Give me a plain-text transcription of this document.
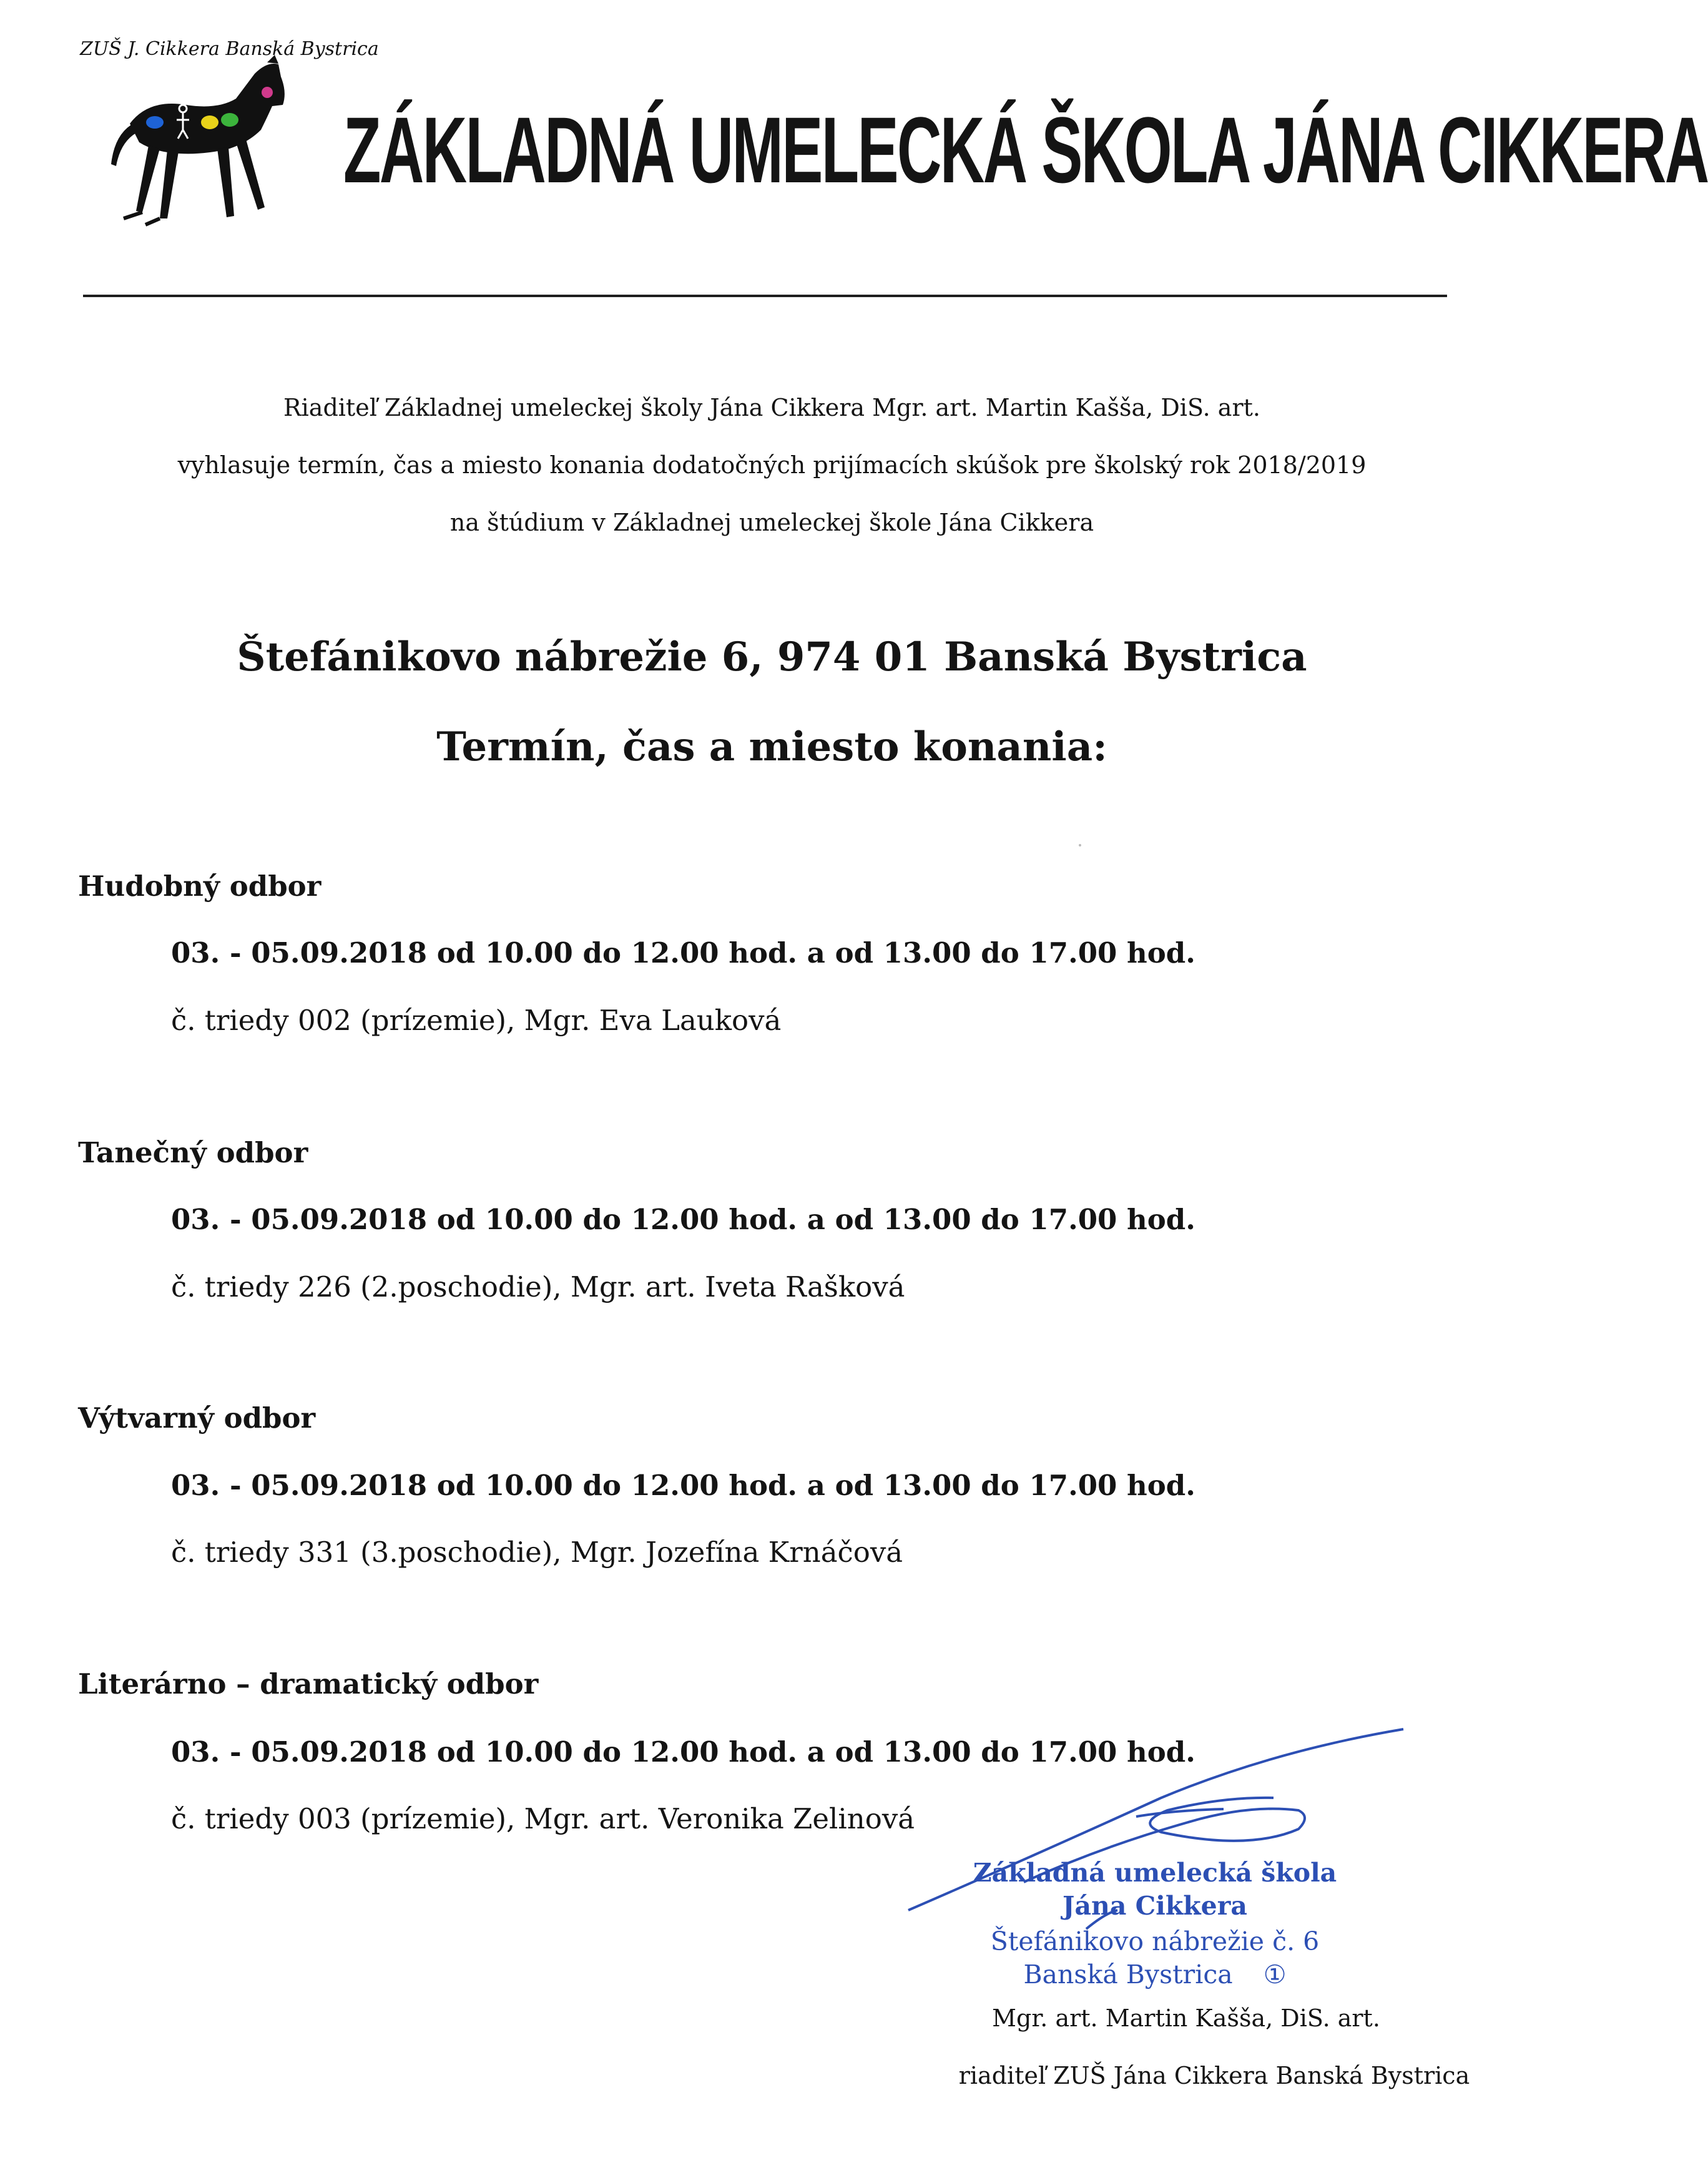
ZUŠ J. Cikkera Banská Bystrica
ZÁKLADNÁ UMELECKÁ ŠKOLA JÁNA CIKKERA
Riaditeľ Základnej umeleckej školy Jána Cikkera Mgr. art. Martin Kašša, DiS. art.
vyhlasuje termín, čas a miesto konania dodatočných prijímacích skúšok pre školský rok 2018/2019
na štúdium v Základnej umeleckej škole Jána Cikkera
Štefánikovo nábrežie 6, 974 01 Banská Bystrica
Termín, čas a miesto konania:
Hudobný odbor
03. - 05.09.2018 od 10.00 do 12.00 hod. a od 13.00 do 17.00 hod.
č. triedy 002 (prízemie), Mgr. Eva Lauková
Tanečný odbor
03. - 05.09.2018 od 10.00 do 12.00 hod. a od 13.00 do 17.00 hod.
č. triedy 226 (2.poschodie), Mgr. art. Iveta Rašková
Výtvarný odbor
03. - 05.09.2018 od 10.00 do 12.00 hod. a od 13.00 do 17.00 hod.
č. triedy 331 (3.poschodie), Mgr. Jozefína Krnáčová
Literárno – dramatický odbor
03. - 05.09.2018 od 10.00 do 12.00 hod. a od 13.00 do 17.00 hod.
č. triedy 003 (prízemie), Mgr. art. Veronika Zelinová
Základná umelecká škola
Jána Cikkera
Štefánikovo nábrežie č. 6
Banská Bystrica ①
Mgr. art. Martin Kašša, DiS. art.
riaditeľ ZUŠ Jána Cikkera Banská Bystrica
